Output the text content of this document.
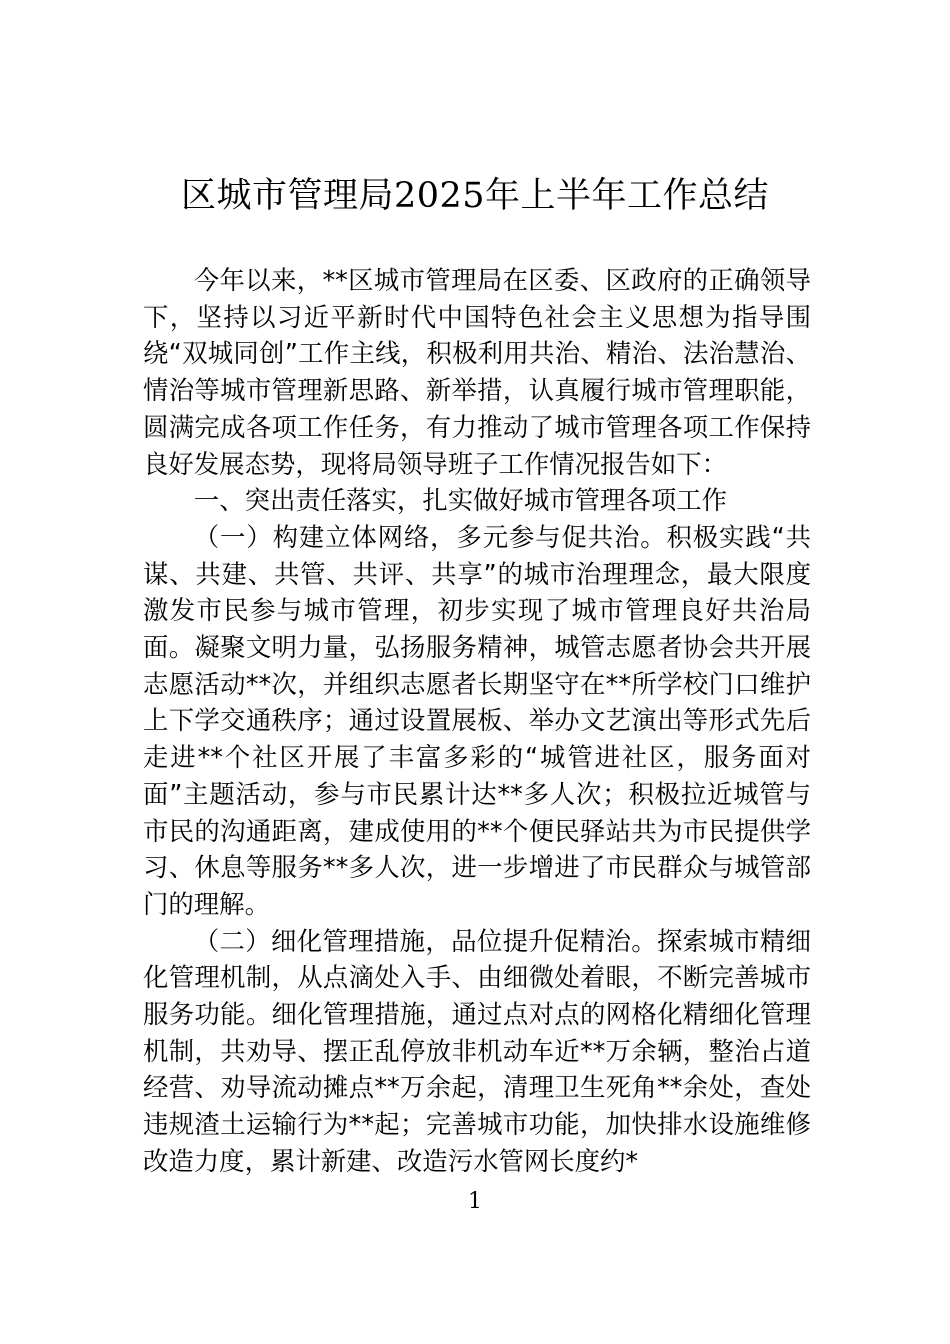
区城市管理局2025年上半年工作总结

今年以来，**区城市管理局在区委、区政府的正确领导下，坚持以习近平新时代中国特色社会主义思想为指导围绕“双城同创”工作主线，积极利用共治、精治、法治慧治、情治等城市管理新思路、新举措，认真履行城市管理职能，圆满完成各项工作任务，有力推动了城市管理各项工作保持良好发展态势，现将局领导班子工作情况报告如下：

一、突出责任落实，扎实做好城市管理各项工作

（一）构建立体网络，多元参与促共治。积极实践“共谋、共建、共管、共评、共享”的城市治理理念，最大限度激发市民参与城市管理，初步实现了城市管理良好共治局面。凝聚文明力量，弘扬服务精神，城管志愿者协会共开展志愿活动**次，并组织志愿者长期坚守在**所学校门口维护上下学交通秩序；通过设置展板、举办文艺演出等形式先后走进**个社区开展了丰富多彩的“城管进社区，服务面对面”主题活动，参与市民累计达**多人次；积极拉近城管与市民的沟通距离，建成使用的**个便民驿站共为市民提供学习、休息等服务**多人次，进一步增进了市民群众与城管部门的理解。

（二）细化管理措施，品位提升促精治。探索城市精细化管理机制，从点滴处入手、由细微处着眼，不断完善城市服务功能。细化管理措施，通过点对点的网格化精细化管理机制，共劝导、摆正乱停放非机动车近**万余辆，整治占道经营、劝导流动摊点**万余起，清理卫生死角**余处，查处违规渣土运输行为**起；完善城市功能，加快排水设施维修改造力度，累计新建、改造污水管网长度约*

1
